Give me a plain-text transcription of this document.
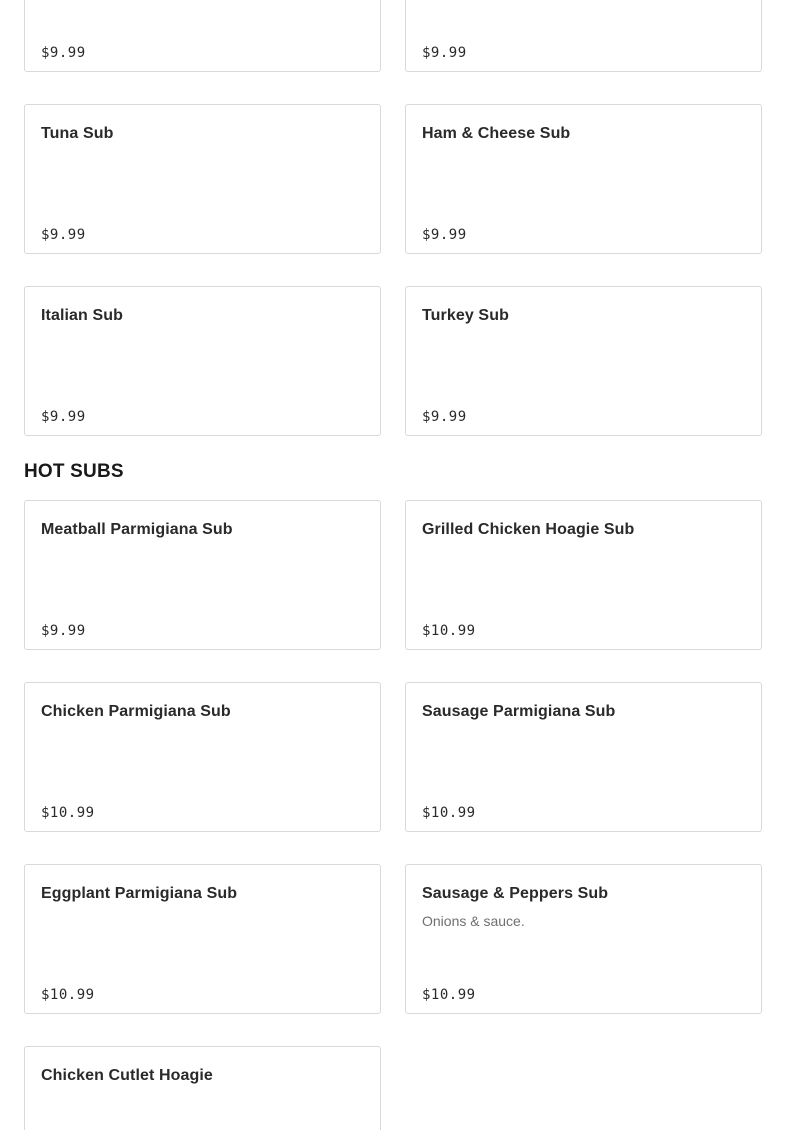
$9.99	$9.99
Tuna Sub
$9.99
Ham & Cheese Sub
$9.99
Italian Sub
$9.99
Turkey Sub
$9.99
HOT SUBS
Meatball Parmigiana Sub
$9.99
Grilled Chicken Hoagie Sub
$10.99
Chicken Parmigiana Sub
$10.99
Sausage Parmigiana Sub
$10.99
Eggplant Parmigiana Sub
$10.99
Sausage & Peppers Sub
Onions & sauce.
$10.99
Chicken Cutlet Hoagie
